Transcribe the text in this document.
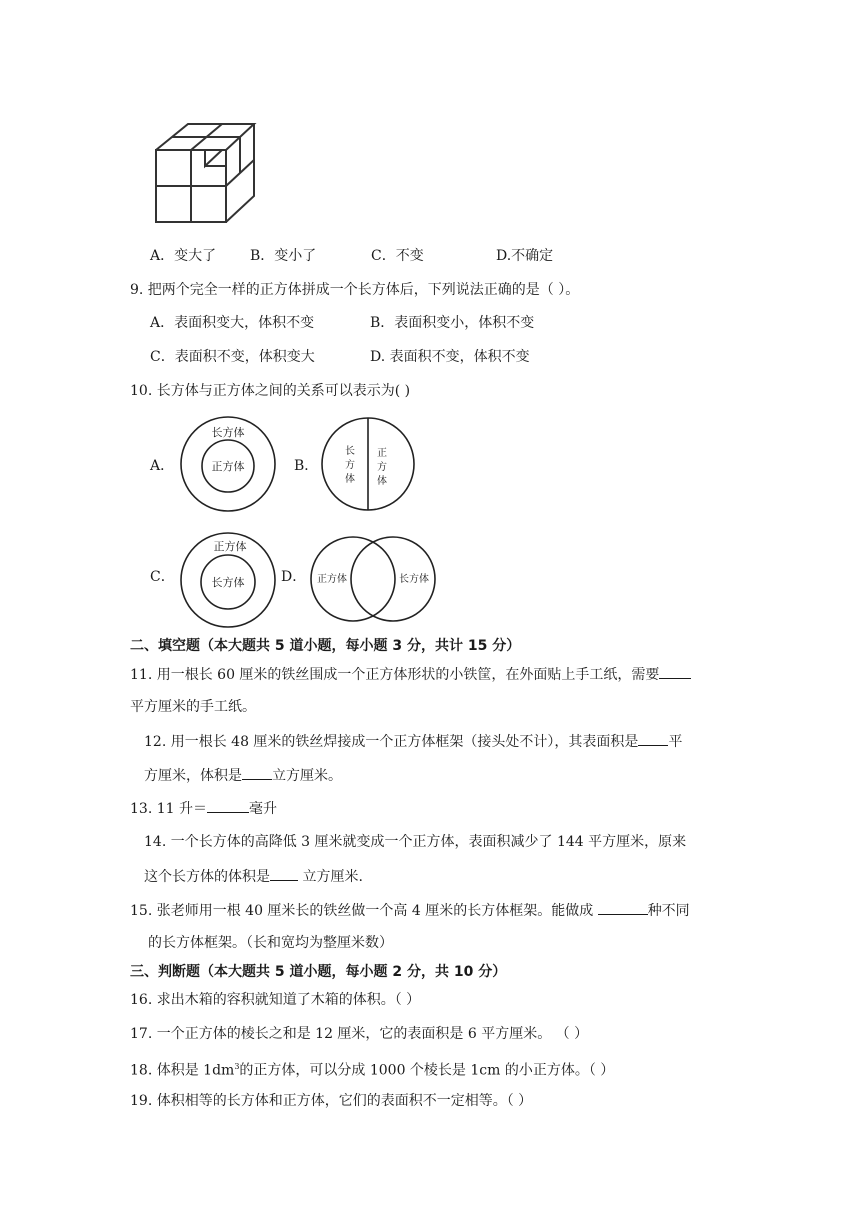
A．变大了 B．变小了	C．不变	D.不确定
9. 把两个完全一样的正方体拼成一个长方体后，下列说法正确的是（ ）。
A．表面积变大，体积不变	B．表面积变小，体积不变
C．表面积不变，体积变大	D. 表面积不变，体积不变
10. 长方体与正方体之间的关系可以表示为( )
A．
长方体
正方体	B．
长
方
体
正
方
体
C．
正方体
长方体	D． 正方体	长方体
二、填空题（本大题共 5 道小题，每小题 3 分，共计 15 分）
11. 用一根长 60 厘米的铁丝围成一个正方体形状的小铁筐，在外面贴上手工纸，需要
平方厘米的手工纸。
12. 用一根长 48 厘米的铁丝焊接成一个正方体框架（接头处不计），其表面积是 平
方厘米，体积是 立方厘米。
13. 11 升＝	毫升
14. 一个长方体的高降低 3 厘米就变成一个正方体，表面积减少了 144 平方厘米，原来
这个长方体的体积是 立方厘米.
15. 张老师用一根 40 厘米长的铁丝做一个高 4 厘米的长方体框架。能做成	种不同
的长方体框架。（长和宽均为整厘米数）
三、判断题（本大题共 5 道小题，每小题 2 分，共 10 分）
16. 求出木箱的容积就知道了木箱的体积。（ ）
17. 一个正方体的棱长之和是 12 厘米，它的表面积是 6 平方厘米。 （ ）
18. 体积是 $1dm^3$的正方体，可以分成 1000 个棱长是 1cm 的小正方体。（ ）
19. 体积相等的长方体和正方体，它们的表面积不一定相等。（ ）
